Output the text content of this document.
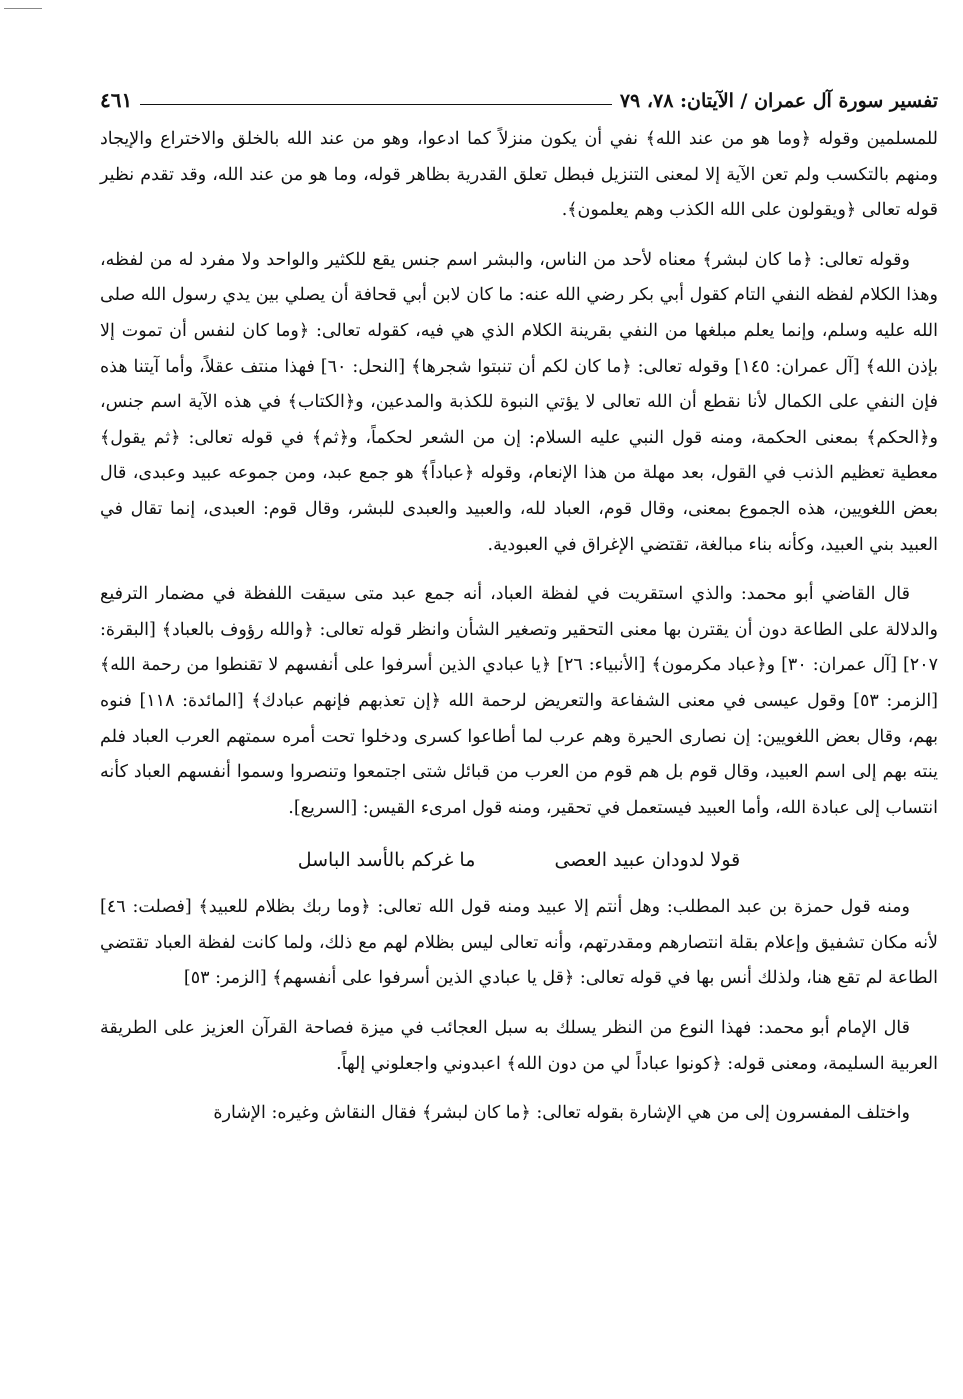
تفسير سورة آل عمران / الآيتان: ٧٨، ٧٩
٤٦١

للمسلمين وقوله ﴿وما هو من عند الله﴾ نفي أن يكون منزلاً كما ادعوا، وهو من عند الله بالخلق والاختراع والإيجاد ومنهم بالتكسب ولم تعن الآية إلا لمعنى التنزيل فبطل تعلق القدرية بظاهر قوله، وما هو من عند الله، وقد تقدم نظير قوله تعالى ﴿ويقولون على الله الكذب وهم يعلمون﴾.

وقوله تعالى: ﴿ما كان لبشر﴾ معناه لأحد من الناس، والبشر اسم جنس يقع للكثير والواحد ولا مفرد له من لفظه، وهذا الكلام لفظه النفي التام كقول أبي بكر رضي الله عنه: ما كان لابن أبي قحافة أن يصلي بين يدي رسول الله صلى الله عليه وسلم، وإنما يعلم مبلغها من النفي بقرينة الكلام الذي هي فيه، كقوله تعالى: ﴿وما كان لنفس أن تموت إلا بإذن الله﴾ [آل عمران: ١٤٥] وقوله تعالى: ﴿ما كان لكم أن تنبتوا شجرها﴾ [النحل: ٦٠] فهذا منتف عقلاً، وأما آيتنا هذه فإن النفي على الكمال لأنا نقطع أن الله تعالى لا يؤتي النبوة للكذبة والمدعين، و﴿الكتاب﴾ في هذه الآية اسم جنس، و﴿الحكم﴾ بمعنى الحكمة، ومنه قول النبي عليه السلام: إن من الشعر لحكماً، و﴿ثم﴾ في قوله تعالى: ﴿ثم يقول﴾ معطية تعظيم الذنب في القول، بعد مهلة من هذا الإنعام، وقوله ﴿عباداً﴾ هو جمع عبد، ومن جموعه عبيد وعبدى، قال بعض اللغويين، هذه الجموع بمعنى، وقال قوم، العباد لله، والعبيد والعبدى للبشر، وقال قوم: العبدى، إنما تقال في العبيد بني العبيد، وكأنه بناء مبالغة، تقتضي الإغراق في العبودية.

قال القاضي أبو محمد: والذي استقريت في لفظة العباد، أنه جمع عبد متى سيقت اللفظة في مضمار الترفيع والدلالة على الطاعة دون أن يقترن بها معنى التحقير وتصغير الشأن وانظر قوله تعالى: ﴿والله رؤوف بالعباد﴾ [البقرة: ٢٠٧] [آل عمران: ٣٠] و﴿عباد مكرمون﴾ [الأنبياء: ٢٦] ﴿يا عبادي الذين أسرفوا على أنفسهم لا تقنطوا من رحمة الله﴾ [الزمر: ٥٣] وقول عيسى في معنى الشفاعة والتعريض لرحمة الله ﴿إن تعذبهم فإنهم عبادك﴾ [المائدة: ١١٨] فنوه بهم، وقال بعض اللغويين: إن نصارى الحيرة وهم عرب لما أطاعوا كسرى ودخلوا تحت أمره سمتهم العرب العباد فلم ينته بهم إلى اسم العبيد، وقال قوم بل هم قوم من العرب من قبائل شتى اجتمعوا وتنصروا وسموا أنفسهم العباد كأنه انتساب إلى عبادة الله، وأما العبيد فيستعمل في تحقير، ومنه قول امرىء القيس: [السريع].

قولا لدودان عبيد العصى ما غركم بالأسد الباسل

ومنه قول حمزة بن عبد المطلب: وهل أنتم إلا عبيد ومنه قول الله تعالى: ﴿وما ربك بظلام للعبيد﴾ [فصلت: ٤٦] لأنه مكان تشفيق وإعلام بقلة انتصارهم ومقدرتهم، وأنه تعالى ليس بظلام لهم مع ذلك، ولما كانت لفظة العباد تقتضي الطاعة لم تقع هنا، ولذلك أنس بها في قوله تعالى: ﴿قل يا عبادي الذين أسرفوا على أنفسهم﴾ [الزمر: ٥٣]

قال الإمام أبو محمد: فهذا النوع من النظر يسلك به سبل العجائب في ميزة فصاحة القرآن العزيز على الطريقة العربية السليمة، ومعنى قوله: ﴿كونوا عباداً لي من دون الله﴾ اعبدوني واجعلوني إلهاً.

واختلف المفسرون إلى من هي الإشارة بقوله تعالى: ﴿ما كان لبشر﴾ فقال النقاش وغيره: الإشارة
